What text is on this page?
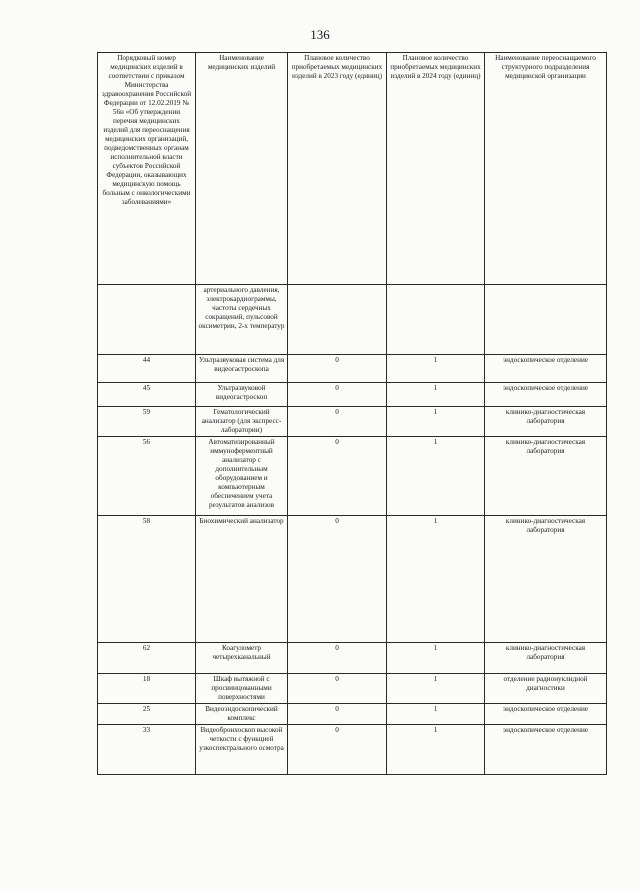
136
Порядковый номер медицинских изделий в соответствии с приказом Министерства здравоохранения Российской Федерации от 12.02.2019 № 56н «Об утверждении перечня медицинских изделий для переоснащения медицинских организаций, подведомственных органам исполнительной власти субъектов Российской Федерации, оказывающих медицинскую помощь больным с онкологическими заболеваниями»	Наименование медицинских изделий	Плановое количество приобретаемых медицинских изделий в 2023 году (единиц)	Плановое количество приобретаемых медицинских изделий в 2024 году (единиц)	Наименование переоснащаемого структурного подразделения медицинской организации
	артериального давления, электрокардиограммы, частоты сердечных сокращений, пульсовой оксиметрии, 2-х температур			
44	Ультразвуковая система для видеогастроскопа	0	1	эндоскопическое отделение
45	Ультразвуковой видеогастроскоп	0	1	эндоскопическое отделение
59	Гематологический анализатор (для экспресс- лаборатории)	0	1	клинико-диагностическая лаборатория
56	Автоматизированный иммуноферментный анализатор с дополнительным оборудованием и компьютерным обеспечением учета результатов анализов	0	1	клинико-диагностическая лаборатория
58	Биохимический анализатор	0	1	клинико-диагностическая лаборатория
62	Коагулометр четырехканальный	0	1	клинико-диагностическая лаборатория
18	Шкаф вытяжной с просвинцованными поверхностями	0	1	отделение радионуклидной диагностики
25	Видеоэндоскопический комплекс	0	1	эндоскопическое отделение
33	Видеобронхоскоп высокой четкости с функцией узкоспектрального осмотра	0	1	эндоскопическое отделение
